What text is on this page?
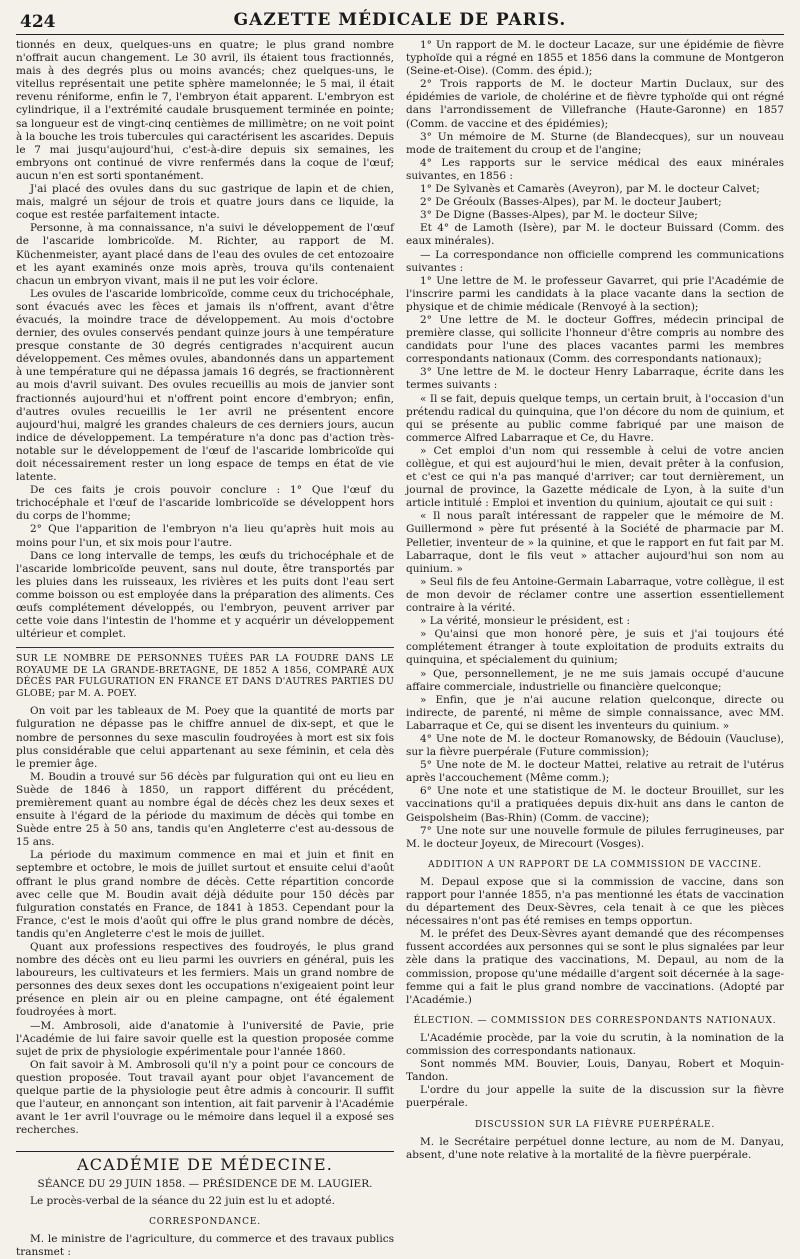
424	GAZETTE MÉDICALE DE PARIS.

tionnés en deux, quelques-uns en quatre; le plus grand nombre n'offrait aucun changement. Le 30 avril, ils étaient tous fractionnés, mais à des degrés plus ou moins avancés; chez quelques-uns, le vitellus représentait une petite sphère mamelonnée; le 5 mai, il était revenu réniforme, enfin le 7, l'embryon était apparent. L'embryon est cylindrique, il a l'extrémité caudale brusquement terminée en pointe; sa longueur est de vingt-cinq centièmes de millimètre; on ne voit point à la bouche les trois tubercules qui caractérisent les ascarides. Depuis le 7 mai jusqu'aujourd'hui, c'est-à-dire depuis six semaines, les embryons ont continué de vivre renfermés dans la coque de l'œuf; aucun n'en est sorti spontanément.

J'ai placé des ovules dans du suc gastrique de lapin et de chien, mais, malgré un séjour de trois et quatre jours dans ce liquide, la coque est restée parfaitement intacte.

Personne, à ma connaissance, n'a suivi le développement de l'œuf de l'ascaride lombricoïde. M. Richter, au rapport de M. Küchenmeister, ayant placé dans de l'eau des ovules de cet entozoaire et les ayant examinés onze mois après, trouva qu'ils contenaient chacun un embryon vivant, mais il ne put les voir éclore.

Les ovules de l'ascaride lombricoïde, comme ceux du trichocéphale, sont évacués avec les fèces et jamais ils n'offrent, avant d'être évacués, la moindre trace de développement. Au mois d'octobre dernier, des ovules conservés pendant quinze jours à une température presque constante de 30 degrés centigrades n'acquirent aucun développement. Ces mêmes ovules, abandonnés dans un appartement à une température qui ne dépassa jamais 16 degrés, se fractionnèrent au mois d'avril suivant. Des ovules recueillis au mois de janvier sont fractionnés aujourd'hui et n'offrent point encore d'embryon; enfin, d'autres ovules recueillis le 1er avril ne présentent encore aujourd'hui, malgré les grandes chaleurs de ces derniers jours, aucun indice de développement. La température n'a donc pas d'action très-notable sur le développement de l'œuf de l'ascaride lombricoïde qui doit nécessairement rester un long espace de temps en état de vie latente.

De ces faits je crois pouvoir conclure : 1° Que l'œuf du trichocéphale et l'œuf de l'ascaride lombricoïde se développent hors du corps de l'homme;

2° Que l'apparition de l'embryon n'a lieu qu'après huit mois au moins pour l'un, et six mois pour l'autre.

Dans ce long intervalle de temps, les œufs du trichocéphale et de l'ascaride lombricoïde peuvent, sans nul doute, être transportés par les pluies dans les ruisseaux, les rivières et les puits dont l'eau sert comme boisson ou est employée dans la préparation des aliments. Ces œufs complétement développés, ou l'embryon, peuvent arriver par cette voie dans l'intestin de l'homme et y acquérir un développement ultérieur et complet.

SUR LE NOMBRE DE PERSONNES TUÉES PAR LA FOUDRE DANS LE ROYAUME DE LA GRANDE-BRETAGNE, DE 1852 A 1856, COMPARÉ AUX DÉCÈS PAR FULGURATION EN FRANCE ET DANS D'AUTRES PARTIES DU GLOBE; par M. A. POEY.

On voit par les tableaux de M. Poey que la quantité de morts par fulguration ne dépasse pas le chiffre annuel de dix-sept, et que le nombre de personnes du sexe masculin foudroyées à mort est six fois plus considérable que celui appartenant au sexe féminin, et cela dès le premier âge.

M. Boudin a trouvé sur 56 décès par fulguration qui ont eu lieu en Suède de 1846 à 1850, un rapport différent du précédent, premièrement quant au nombre égal de décès chez les deux sexes et ensuite à l'égard de la période du maximum de décès qui tombe en Suède entre 25 à 50 ans, tandis qu'en Angleterre c'est au-dessous de 15 ans.

La période du maximum commence en mai et juin et finit en septembre et octobre, le mois de juillet surtout et ensuite celui d'août offrant le plus grand nombre de décès. Cette répartition concorde avec celle que M. Boudin avait déjà déduite pour 150 décès par fulguration constatés en France, de 1841 à 1853. Cependant pour la France, c'est le mois d'août qui offre le plus grand nombre de décès, tandis qu'en Angleterre c'est le mois de juillet.

Quant aux professions respectives des foudroyés, le plus grand nombre des décès ont eu lieu parmi les ouvriers en général, puis les laboureurs, les cultivateurs et les fermiers. Mais un grand nombre de personnes des deux sexes dont les occupations n'exigeaient point leur présence en plein air ou en pleine campagne, ont été également foudroyées à mort.

—M. Ambrosoli, aide d'anatomie à l'université de Pavie, prie l'Académie de lui faire savoir quelle est la question proposée comme sujet de prix de physiologie expérimentale pour l'année 1860.

On fait savoir à M. Ambrosoli qu'il n'y a point pour ce concours de question proposée. Tout travail ayant pour objet l'avancement de quelque partie de la physiologie peut être admis à concourir. Il suffit que l'auteur, en annonçant son intention, ait fait parvenir à l'Académie avant le 1er avril l'ouvrage ou le mémoire dans lequel il a exposé ses recherches.

ACADÉMIE DE MÉDECINE.
SÉANCE DU 29 JUIN 1858. — PRÉSIDENCE DE M. LAUGIER.

Le procès-verbal de la séance du 22 juin est lu et adopté.

CORRESPONDANCE.

M. le ministre de l'agriculture, du commerce et des travaux publics transmet :

1° Un rapport de M. le docteur Lacaze, sur une épidémie de fièvre typhoïde qui a régné en 1855 et 1856 dans la commune de Montgeron (Seine-et-Oise). (Comm. des épid.);

2° Trois rapports de M. le docteur Martin Duclaux, sur des épidémies de variole, de cholérine et de fièvre typhoïde qui ont régné dans l'arrondissement de Villefranche (Haute-Garonne) en 1857 (Comm. de vaccine et des épidémies);

3° Un mémoire de M. Sturne (de Blandecques), sur un nouveau mode de traitement du croup et de l'angine;

4° Les rapports sur le service médical des eaux minérales suivantes, en 1856 :

1° De Sylvanès et Camarès (Aveyron), par M. le docteur Calvet;

2° De Gréoulx (Basses-Alpes), par M. le docteur Jaubert;

3° De Digne (Basses-Alpes), par M. le docteur Silve;

Et 4° de Lamoth (Isère), par M. le docteur Buissard (Comm. des eaux minérales).

— La correspondance non officielle comprend les communications suivantes :

1° Une lettre de M. le professeur Gavarret, qui prie l'Académie de l'inscrire parmi les candidats à la place vacante dans la section de physique et de chimie médicale (Renvoyé à la section);

2° Une lettre de M. le docteur Goffres, médecin principal de première classe, qui sollicite l'honneur d'être compris au nombre des candidats pour l'une des places vacantes parmi les membres correspondants nationaux (Comm. des correspondants nationaux);

3° Une lettre de M. le docteur Henry Labarraque, écrite dans les termes suivants :

« Il se fait, depuis quelque temps, un certain bruit, à l'occasion d'un prétendu radical du quinquina, que l'on décore du nom de quinium, et qui se présente au public comme fabriqué par une maison de commerce Alfred Labarraque et Ce, du Havre.

» Cet emploi d'un nom qui ressemble à celui de votre ancien collègue, et qui est aujourd'hui le mien, devait prêter à la confusion, et c'est ce qui n'a pas manqué d'arriver; car tout dernièrement, un journal de province, la Gazette médicale de Lyon, à la suite d'un article intitulé : Emploi et invention du quinium, ajoutait ce qui suit :

« Il nous paraît intéressant de rappeler que le mémoire de M. Guillermond » père fut présenté à la Société de pharmacie par M. Pelletier, inventeur de » la quinine, et que le rapport en fut fait par M. Labarraque, dont le fils veut » attacher aujourd'hui son nom au quinium. »

» Seul fils de feu Antoine-Germain Labarraque, votre collègue, il est de mon devoir de réclamer contre une assertion essentiellement contraire à la vérité.

» La vérité, monsieur le président, est :

» Qu'ainsi que mon honoré père, je suis et j'ai toujours été complétement étranger à toute exploitation de produits extraits du quinquina, et spécialement du quinium;

» Que, personnellement, je ne me suis jamais occupé d'aucune affaire commerciale, industrielle ou financière quelconque;

» Enfin, que je n'ai aucune relation quelconque, directe ou indirecte, de parenté, ni même de simple connaissance, avec MM. Labarraque et Ce, qui se disent les inventeurs du quinium. »

4° Une note de M. le docteur Romanowsky, de Bédouin (Vaucluse), sur la fièvre puerpérale (Future commission);

5° Une note de M. le docteur Mattei, relative au retrait de l'utérus après l'accouchement (Même comm.);

6° Une note et une statistique de M. le docteur Brouillet, sur les vaccinations qu'il a pratiquées depuis dix-huit ans dans le canton de Geispolsheim (Bas-Rhin) (Comm. de vaccine);

7° Une note sur une nouvelle formule de pilules ferrugineuses, par M. le docteur Joyeux, de Mirecourt (Vosges).

ADDITION A UN RAPPORT DE LA COMMISSION DE VACCINE.

M. Depaul expose que si la commission de vaccine, dans son rapport pour l'année 1855, n'a pas mentionné les états de vaccination du département des Deux-Sèvres, cela tenait à ce que les pièces nécessaires n'ont pas été remises en temps opportun.

M. le préfet des Deux-Sèvres ayant demandé que des récompenses fussent accordées aux personnes qui se sont le plus signalées par leur zèle dans la pratique des vaccinations, M. Depaul, au nom de la commission, propose qu'une médaille d'argent soit décernée à la sage-femme qui a fait le plus grand nombre de vaccinations. (Adopté par l'Académie.)

ÉLECTION. — COMMISSION DES CORRESPONDANTS NATIONAUX.

L'Académie procède, par la voie du scrutin, à la nomination de la commission des correspondants nationaux.

Sont nommés MM. Bouvier, Louis, Danyau, Robert et Moquin-Tandon.

L'ordre du jour appelle la suite de la discussion sur la fièvre puerpérale.

DISCUSSION SUR LA FIÈVRE PUERPÉRALE.

M. le Secrétaire perpétuel donne lecture, au nom de M. Danyau, absent, d'une note relative à la mortalité de la fièvre puerpérale.
